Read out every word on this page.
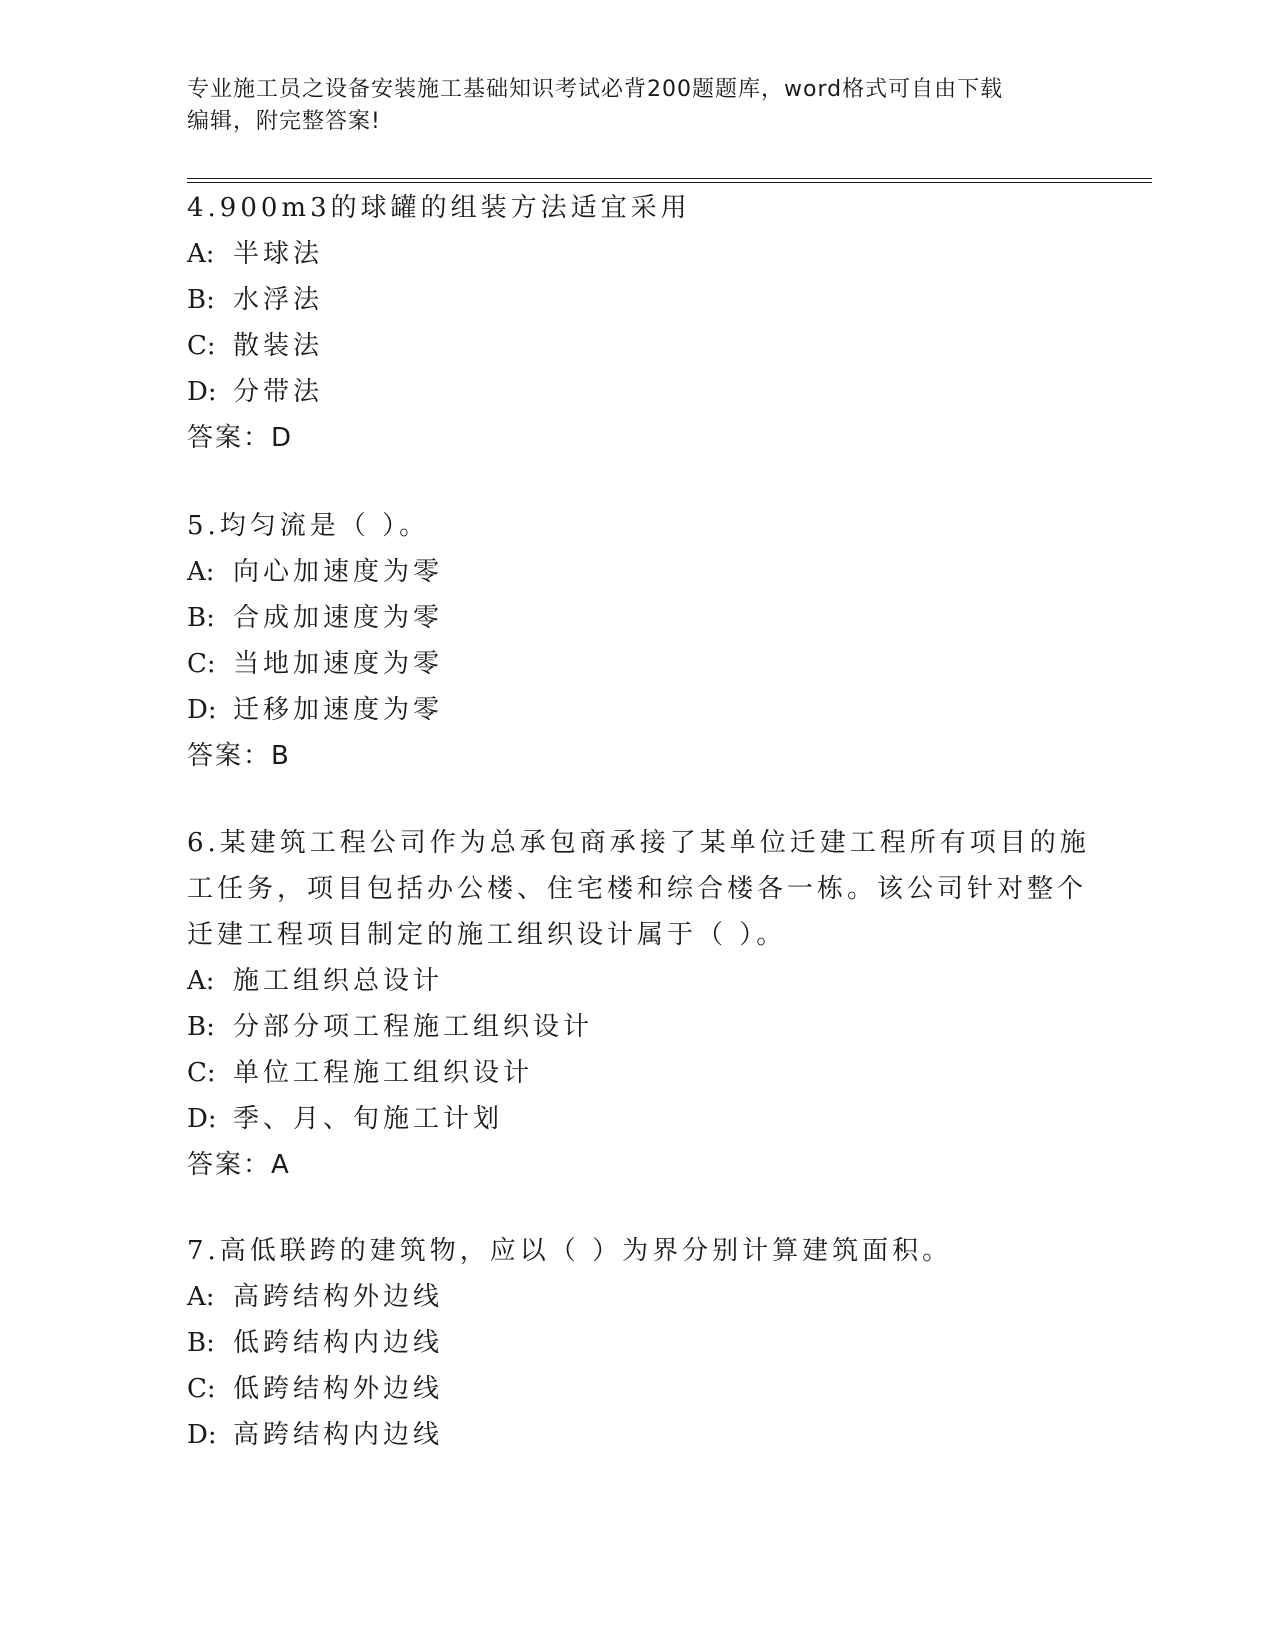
专业施工员之设备安装施工基础知识考试必背200题题库，word格式可自由下载
编辑，附完整答案!
4.900m3的球罐的组装方法适宜采用
A: 半球法
B: 水浮法
C: 散装法
D: 分带法
答案：D
5.均匀流是（ ）。
A: 向心加速度为零
B: 合成加速度为零
C: 当地加速度为零
D: 迁移加速度为零
答案：B
6.某建筑工程公司作为总承包商承接了某单位迁建工程所有项目的施
工任务，项目包括办公楼、住宅楼和综合楼各一栋。该公司针对整个
迁建工程项目制定的施工组织设计属于（ ）。
A: 施工组织总设计
B: 分部分项工程施工组织设计
C: 单位工程施工组织设计
D: 季、月、旬施工计划
答案：A
7.高低联跨的建筑物，应以（ ）为界分别计算建筑面积。
A: 高跨结构外边线
B: 低跨结构内边线
C: 低跨结构外边线
D: 高跨结构内边线
